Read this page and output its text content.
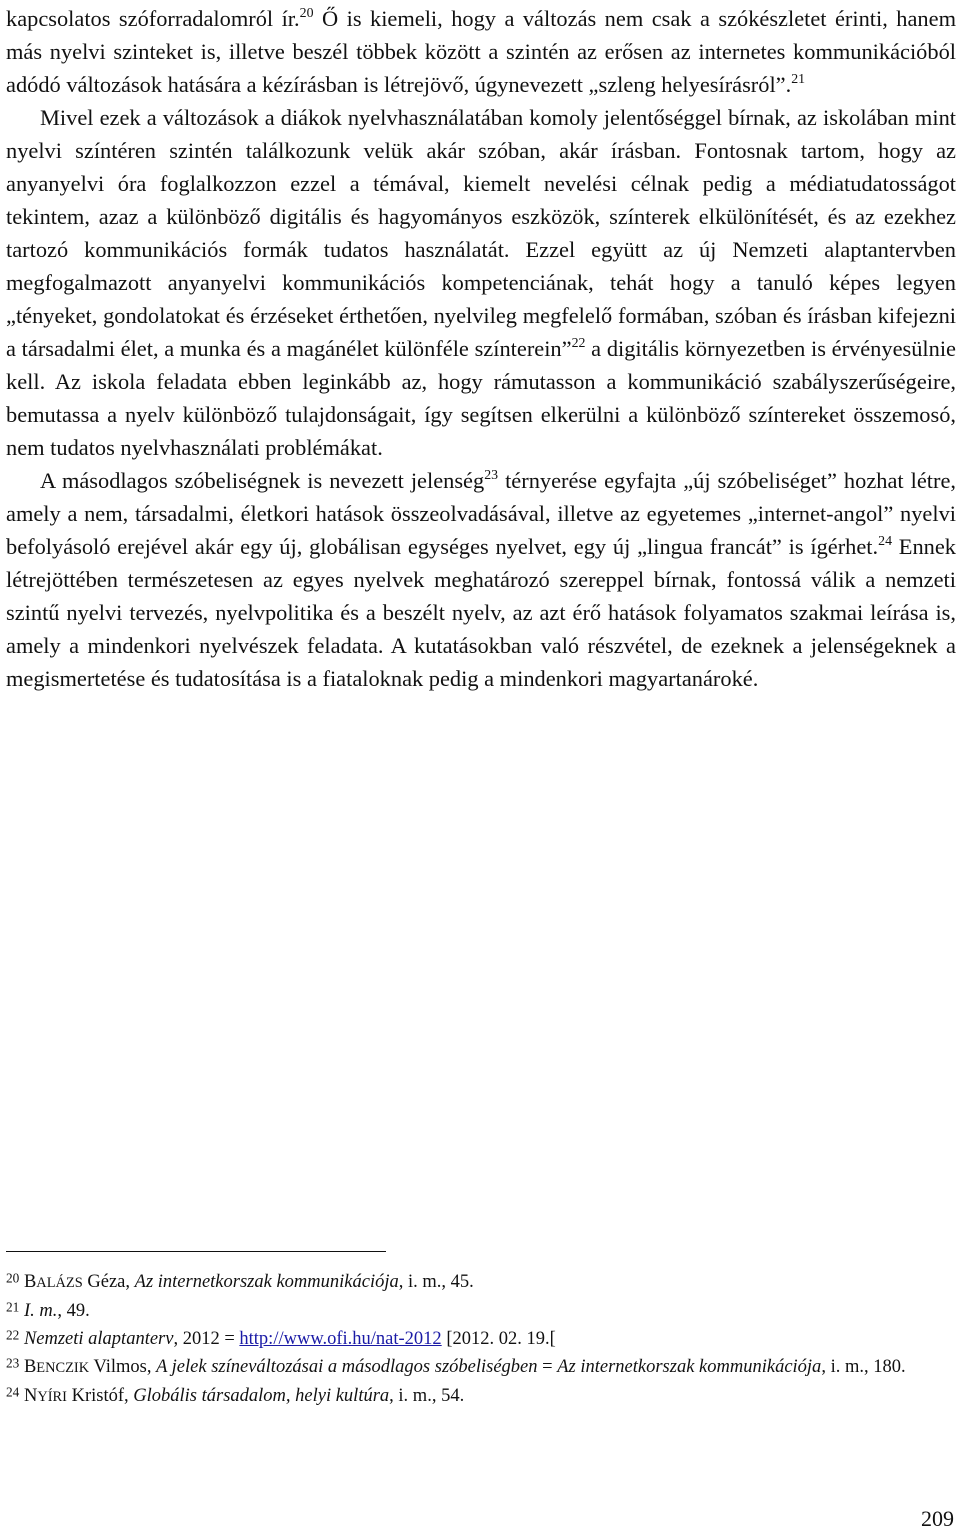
kapcsolatos szóforradalomról ír.$^{20}$ Ő is kiemeli, hogy a változás nem csak a szókészletet érinti, hanem más nyelvi szinteket is, illetve beszél többek között a szintén az erősen az internetes kommunikációból adódó változások hatására a kézírásban is létrejövő, úgynevezett „szleng helyesírásról”.$^{21}$

Mivel ezek a változások a diákok nyelvhasználatában komoly jelentőséggel bírnak, az iskolában mint nyelvi színtéren szintén találkozunk velük akár szóban, akár írásban. Fontosnak tartom, hogy az anyanyelvi óra foglalkozzon ezzel a témával, kiemelt nevelési célnak pedig a médiatudatosságot tekintem, azaz a különböző digitális és hagyományos eszközök, színterek elkülönítését, és az ezekhez tartozó kommunikációs formák tudatos használatát. Ezzel együtt az új Nemzeti alaptantervben megfogalmazott anyanyelvi kommunikációs kompetenciának, tehát hogy a tanuló képes legyen „tényeket, gondolatokat és érzéseket érthetően, nyelvileg megfelelő formában, szóban és írásban kifejezni a társadalmi élet, a munka és a magánélet különféle színterein”$^{22}$ a digitális környezetben is érvényesülnie kell. Az iskola feladata ebben leginkább az, hogy rámutasson a kommunikáció szabályszerűségeire, bemutassa a nyelv különböző tulajdonságait, így segítsen elkerülni a különböző színtereket összemosó, nem tudatos nyelvhasználati problémákat.

A másodlagos szóbeliségnek is nevezett jelenség$^{23}$ térnyerése egyfajta „új szóbeliséget” hozhat létre, amely a nem, társadalmi, életkori hatások összeolvadásával, illetve az egyetemes „internet-angol” nyelvi befolyásoló erejével akár egy új, globálisan egységes nyelvet, egy új „lingua francát” is ígérhet.$^{24}$ Ennek létrejöttében természetesen az egyes nyelvek meghatározó szereppel bírnak, fontossá válik a nemzeti szintű nyelvi tervezés, nyelvpolitika és a beszélt nyelv, az azt érő hatások folyamatos szakmai leírása is, amely a mindenkori nyelvészek feladata. A kutatásokban való részvétel, de ezeknek a jelenségeknek a megismertetése és tudatosítása is a fiataloknak pedig a mindenkori magyartanároké.

$^{20}$ BALÁZS Géza, Az internetkorszak kommunikációja, i. m., 45.

$^{21}$ I. m., 49.

$^{22}$ Nemzeti alaptanterv, 2012 = http://www.ofi.hu/nat-2012 [2012. 02. 19.[

$^{23}$ BENCZIK Vilmos, A jelek színeváltozásai a másodlagos szóbeliségben = Az internetkorszak kommunikációja, i. m., 180.

$^{24}$ NYÍRI Kristóf, Globális társadalom, helyi kultúra, i. m., 54.

209
